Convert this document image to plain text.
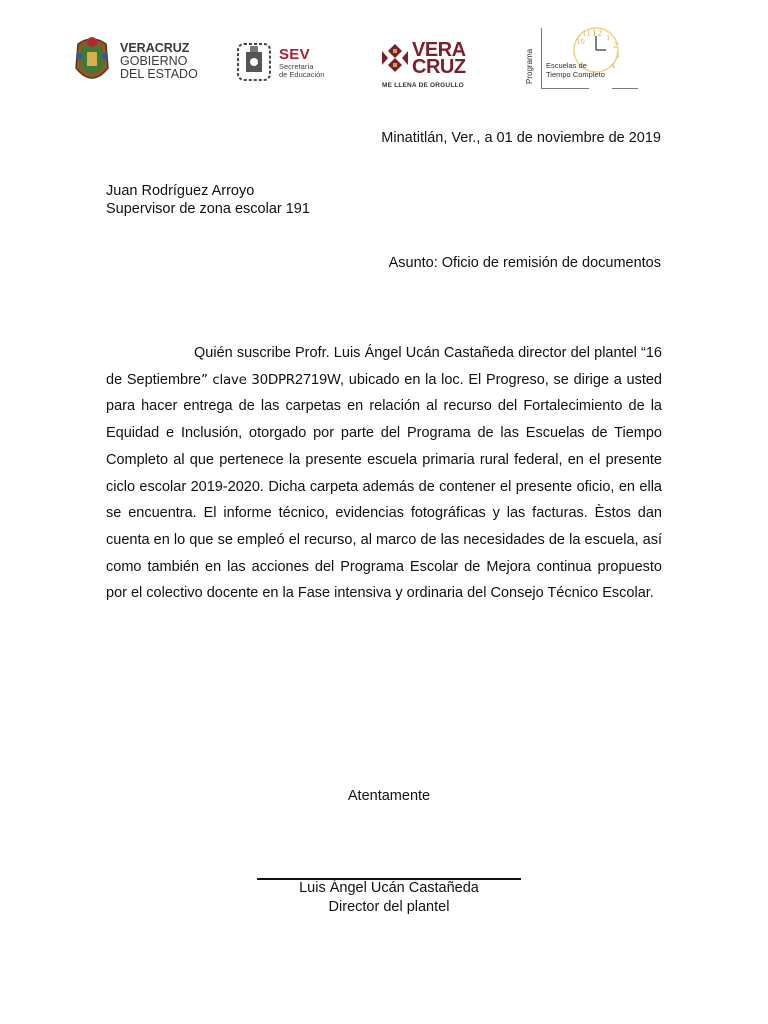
VERACRUZ
GOBIERNO
DEL ESTADO
SEV
Secretaría
de Educación
VERA
CRUZ
ME LLENA DE ORGULLO
Programa
12 1
2
3
4
10
11
Escuelas de
Tiempo Completo
Minatitlán, Ver., a 01 de noviembre de 2019
Juan Rodríguez Arroyo
Supervisor de zona escolar 191
Asunto: Oficio de remisión de documentos
Quién suscribe Profr. Luis Ángel Ucán Castañeda director del plantel “16 de Septiembre” clave 30DPR2719W, ubicado en la loc. El Progreso, se dirige a usted para hacer entrega de las carpetas en relación al recurso del Fortalecimiento de la Equidad e Inclusión, otorgado por parte del Programa de las Escuelas de Tiempo Completo al que pertenece la presente escuela primaria rural federal, en el presente ciclo escolar 2019-2020. Dicha carpeta además de contener el presente oficio, en ella se encuentra. El informe técnico, evidencias fotográficas y las facturas. Èstos dan cuenta en lo que se empleó el recurso, al marco de las necesidades de la escuela, así como también en las acciones del Programa Escolar de Mejora continua propuesto por el colectivo docente en la Fase intensiva y ordinaria del Consejo Técnico Escolar.
Atentamente
Luis Ángel Ucán Castañeda
Director del plantel
